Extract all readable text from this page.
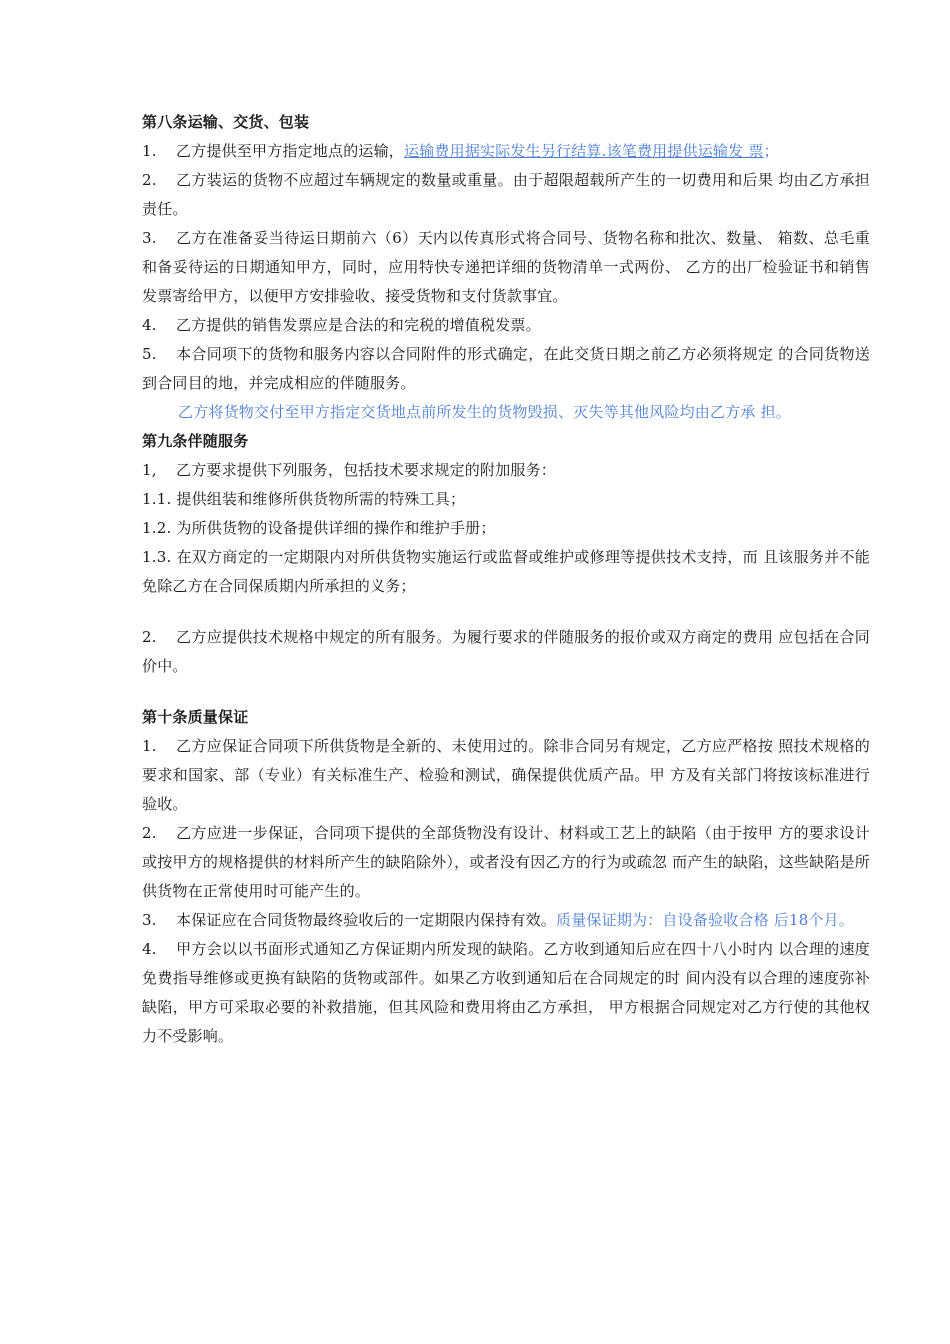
第八条运输、交货、包装

1. 乙方提供至甲方指定地点的运输，运输费用据实际发生另行结算.该笔费用提供运输发 票；

2. 乙方装运的货物不应超过车辆规定的数量或重量。由于超限超载所产生的一切费用和后果 均由乙方承担责任。

3. 乙方在准备妥当待运日期前六（6）天内以传真形式将合同号、货物名称和批次、数量、 箱数、总毛重和备妥待运的日期通知甲方，同时，应用特快专递把详细的货物清单一式两份、 乙方的出厂检验证书和销售发票寄给甲方，以便甲方安排验收、接受货物和支付货款事宜。

4. 乙方提供的销售发票应是合法的和完税的增值税发票。

5. 本合同项下的货物和服务内容以合同附件的形式确定，在此交货日期之前乙方必须将规定 的合同货物送到合同目的地，并完成相应的伴随服务。

乙方将货物交付至甲方指定交货地点前所发生的货物毁损、灭失等其他风险均由乙方承 担。

第九条伴随服务

1, 乙方要求提供下列服务，包括技术要求规定的附加服务：

1.1. 提供组装和维修所供货物所需的特殊工具；

1.2. 为所供货物的设备提供详细的操作和维护手册；

1.3. 在双方商定的一定期限内对所供货物实施运行或监督或维护或修理等提供技术支持，而 且该服务并不能免除乙方在合同保质期内所承担的义务；

2. 乙方应提供技术规格中规定的所有服务。为履行要求的伴随服务的报价或双方商定的费用 应包括在合同价中。

第十条质量保证

1. 乙方应保证合同项下所供货物是全新的、未使用过的。除非合同另有规定，乙方应严格按 照技术规格的要求和国家、部（专业）有关标准生产、检验和测试，确保提供优质产品。甲 方及有关部门将按该标准进行验收。

2. 乙方应进一步保证，合同项下提供的全部货物没有设计、材料或工艺上的缺陷（由于按甲 方的要求设计或按甲方的规格提供的材料所产生的缺陷除外），或者没有因乙方的行为或疏忽 而产生的缺陷，这些缺陷是所供货物在正常使用时可能产生的。

3. 本保证应在合同货物最终验收后的一定期限内保持有效。质量保证期为：自设备验收合格 后18个月。

4. 甲方会以以书面形式通知乙方保证期内所发现的缺陷。乙方收到通知后应在四十八小时内 以合理的速度免费指导维修或更换有缺陷的货物或部件。如果乙方收到通知后在合同规定的时 间内没有以合理的速度弥补缺陷，甲方可采取必要的补救措施，但其风险和费用将由乙方承担， 甲方根据合同规定对乙方行使的其他权力不受影响。
